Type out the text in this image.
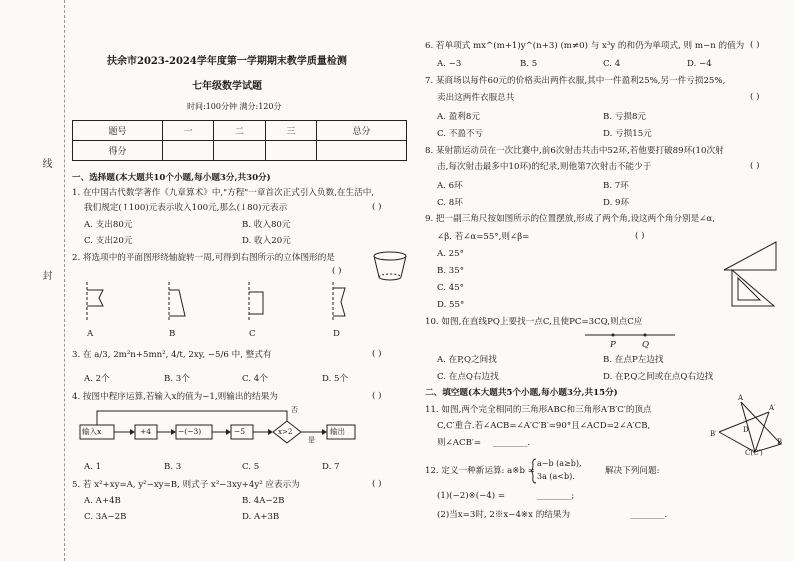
线
封
扶余市2023-2024学年度第一学期期末教学质量检测
七年级数学试题
时间:100分钟 满分:120分
题号	一	二	三	总分
得分				
一、选择题(本大题共10个小题,每小题3分,共30分)
1. 在中国古代数学著作《九章算术》中,"方程"一章首次正式引入负数,在生活中,
我们规定(↑100)元表示收入100元,那么(↓80)元表示	( )
A. 支出80元	B. 收入80元
C. 支出20元	D. 收入20元
2. 将选项中的平面图形绕轴旋转一周,可得到右图所示的立体图形的是
( )
A	B	C	D
3. 在 a/3, 2m²n+5mn², 4/t, 2xy, −5/6 中, 整式有	( )
A. 2个	B. 3个	C. 4个	D. 5个
4. 按图中程序运算,若输入x的值为−1,则输出的结果为	( )
输入x	+4	−(−3)	−5	x>2	输出
否
是
A. 1	B. 3	C. 5	D. 7
5. 若 x²+xy=A, y²−xy=B, 则式子 x²−3xy+4y² 应表示为	( )
A. A+4B	B. 4A−2B
C. 3A−2B	D. A+3B
6. 若单项式 mx^(m+1)y^(n+3) (m≠0) 与 x³y 的和仍为单项式, 则 m−n 的值为 ( )
A. −3	B. 5	C. 4	D. −4
7. 某商场以每件60元的价格卖出两件衣服,其中一件盈利25%,另一件亏损25%,
卖出这两件衣服总共	( )
A. 盈利8元	B. 亏损8元
C. 不盈不亏	D. 亏损15元
8. 某射箭运动员在一次比赛中,前6次射击共击中52环,若他要打破89环(10次射
击,每次射击最多中10环)的纪录,则他第7次射击不能少于	( )
A. 6环	B. 7环
C. 8环	D. 9环
9. 把一副三角尺按如图所示的位置摆放,形成了两个角,设这两个角分别是∠α,
∠β. 若∠α=55°,则∠β=	( )
A. 25°
B. 35°
C. 45°
D. 55°
10. 如图,在直线PQ上要找一点C,且使PC=3CQ,则点C应
P	Q
A. 在P,Q之间找	B. 在点P左边找
C. 在点Q右边找	D. 在P,Q之间或在点Q右边找
二、填空题(本大题共5个小题,每小题3分,共15分)
11. 如图,两个完全相同的三角形ABC和三角形A′B′C′的顶点
C,C′重合.若∠ACB=∠A′C′B′=90°且∠ACD=2∠A′CB,
则∠ACB′= ________.
A
A′
B′	D
B
C(C′)
12. 定义一种新运算: a※b =
a−b (a≥b),
3a (a<b).
解决下列问题:
(1)(−2)※(−4) =	________;
(2)当x=3时, 2※x−4※x 的结果为	________.
